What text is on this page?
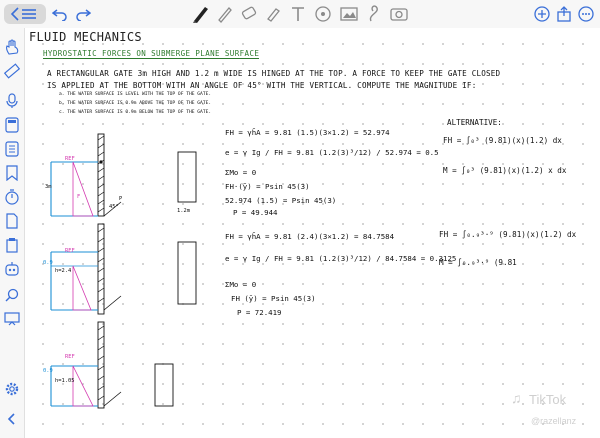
FLUID MECHANICS
HYDROSTATIC FORCES ON SUBMERGE PLANE SURFACE
A RECTANGULAR GATE 3m HIGH AND 1.2 m WIDE IS HINGED AT THE TOP. A FORCE TO KEEP THE GATE CLOSED
IS APPLIED AT THE BOTTOM WITH AN ANGLE OF 45° WITH THE VERTICAL. COMPUTE THE MAGNITUDE IF:
a. THE WATER SURFACE IS LEVEL WITH THE TOP OF THE GATE.
b. THE WATER SURFACE IS 0.9m ABOVE THE TOP OF THE GATE.
c. THE WATER SURFACE IS 0.9m BELOW THE TOP OF THE GATE.
REF
3m
F
45°
P
1.2m
0.9
h=2.4
REF
0.9
h=1.05
REF
FH = γh̄A = 9.81 (1.5)(3×1.2) = 52.974
e = γ Ig / FH = 9.81 (1.2(3)³/12) / 52.974 = 0.5
ΣMo = 0
FH·(ȳ) = Psin 45(3)
52.974 (1.5) = Psin 45(3)
P = 49.944
FH = γh̄A = 9.81 (2.4)(3×1.2) = 84.7584
e = γ Ig / FH = 9.81 (1.2(3)³/12) / 84.7584 = 0.3125
ΣMo = 0
FH (ȳ) = Psin 45(3)
P = 72.419
ALTERNATIVE:
FH = ∫₀³ (9.81)(x)(1.2) dx
M = ∫₀³ (9.81)(x)(1.2) x dx
FH = ∫₀.₉³·⁹ (9.81)(x)(1.2) dx
M = ∫₀.₉³·⁹ (9.81
♫ TikTok
@razellanz
